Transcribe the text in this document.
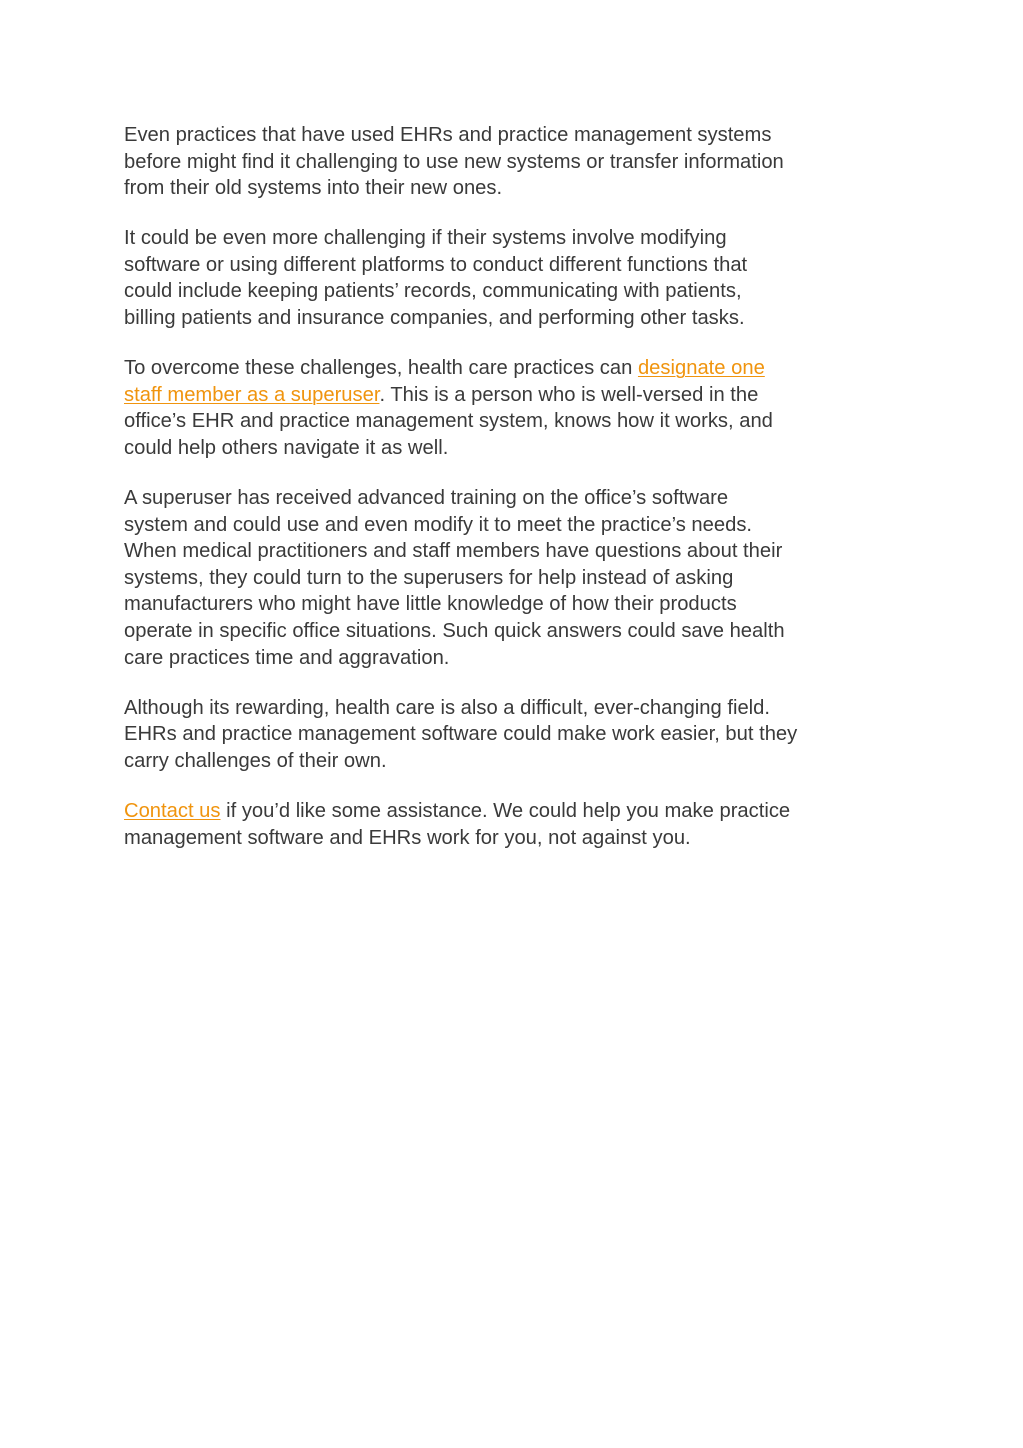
Even practices that have used EHRs and practice management systems
before might find it challenging to use new systems or transfer information
from their old systems into their new ones.

It could be even more challenging if their systems involve modifying
software or using different platforms to conduct different functions that
could include keeping patients’ records, communicating with patients,
billing patients and insurance companies, and performing other tasks.

To overcome these challenges, health care practices can designate one
staff member as a superuser. This is a person who is well-versed in the
office’s EHR and practice management system, knows how it works, and
could help others navigate it as well.

A superuser has received advanced training on the office’s software
system and could use and even modify it to meet the practice’s needs.
When medical practitioners and staff members have questions about their
systems, they could turn to the superusers for help instead of asking
manufacturers who might have little knowledge of how their products
operate in specific office situations. Such quick answers could save health
care practices time and aggravation.

Although its rewarding, health care is also a difficult, ever-changing field.
EHRs and practice management software could make work easier, but they
carry challenges of their own.

Contact us if you’d like some assistance. We could help you make practice
management software and EHRs work for you, not against you.
